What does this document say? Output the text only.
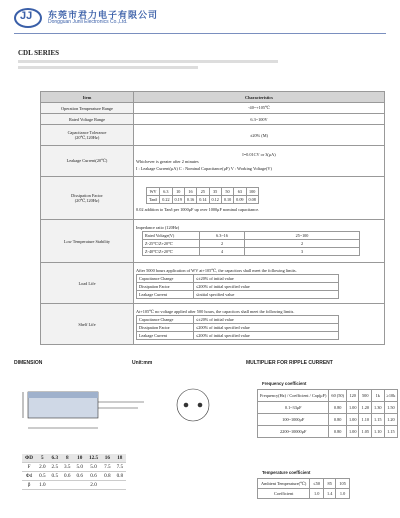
JJ 东莞市君力电子有限公司
Dongguan Junli Electronics Co.,Ltd.
CDL SERIES
Item	Characteristics
Operation Temperature Range	-40~+105℃
Rated Voltage Range	6.3~100V

Capacitance Tolerance
(20℃,120Hz)	±20% (M)
Leakage Current(20℃)	
I=0.01CV or 3(μA)
Whichever is greater after 2 minutes
I : Leakage Current(μA) C : Nominal Capacitance(μF) V : Working Voltage(V)

Dissipation Factor
(20℃,120Hz)

WV	6.3	10	16	25	35	50	63	100
Tanδ	0.22	0.19	0.16	0.14	0.12	0.10	0.09	0.08
0.02 addition to Tanδ per 1000μF up over 1000μF nominal capacitance.

Low Temperature Stability	
Impedance ratio (120Hz)
Rated Voltage(V)	6.3~16	25~100
Z-25℃/Z+20℃	2	2
Z-40℃/Z+20℃	4	3

Load Life	
After 5000 hours application of WV at+105℃, the capacitors shall meet the following limits.
Capacitance Change	≤±20% of initial value
Dissipation Factor	≤200% of initial specified value
Leakage Current	≤initial specified value

Shelf Life	
At+105℃ no voltage applied after 500 hours, the capacitors shall meet the following limits.
Capacitance Change	≤±20% of initial value
Dissipation Factor	≤200% of initial specified value
Leakage Current	≤200% of initial specified value
DIMENSION	Unit:mm
ΦD	5	6.3	8	10	12.5	16	18
F	2.0	2.5	3.5	5.0	5.0	7.5	7.5
Φd	0.5	0.5	0.6	0.6	0.6	0.8	0.8
β	1.0				2.0		
MULTIPLIER FOR RIPPLE CURRENT
Frequency coefficient
Frequency(Hz) / Coefficient / Cap(μF)	60 (50)	120	500	1k	≥10k
0.1~33μF	0.80	1.00	1.20	1.30	1.50
100~1000μF	0.80	1.00	1.10	1.15	1.20
2200~10000μF	0.80	1.00	1.05	1.10	1.15
Temperature coefficient
Ambient Temperature(℃)	≤50	85	105
Coefficient	1.0	1.4	1.0
